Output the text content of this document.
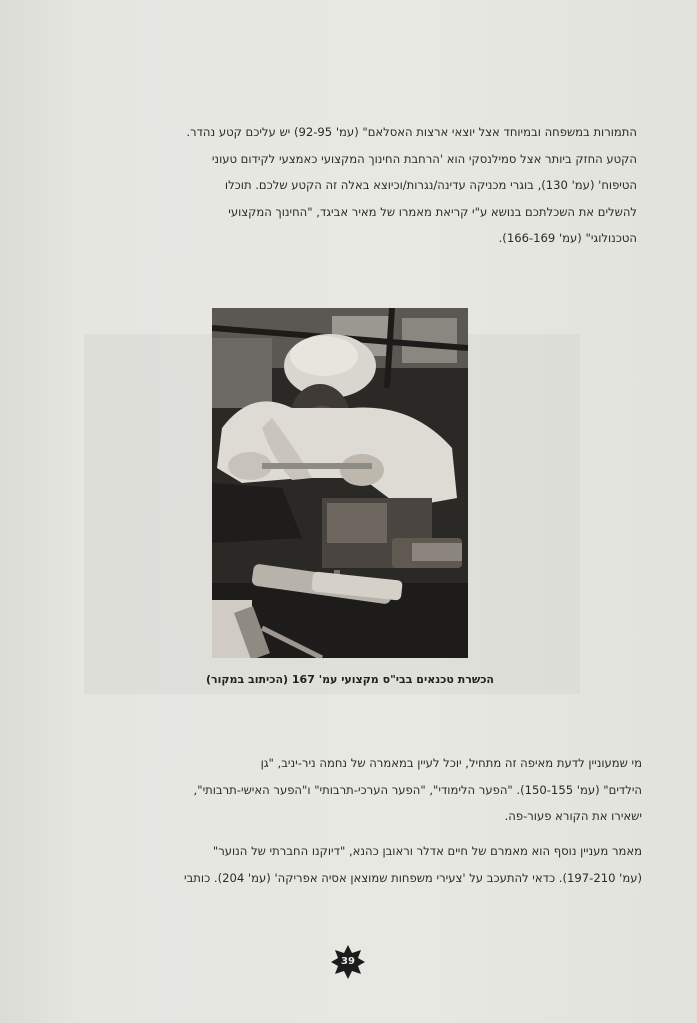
התמורות במשפחה ובמיוחד אצל יוצאי ארצות האסלאם" (עמ' 92-95) יש עליכם קטע נהדר.
הקטע החזק ביותר אצל סמילנסקי הוא 'הרחבת החינוך המקצועי כאמצעי לקידום טעוני
הטיפוח' (עמ' 130), בוגרי מכניקה עדינה/נגרות/וכיוצא באלה זה הקטע שלכם. תוכלו
להשלים את השכלתכם בנושא ע"י קריאת מאמרו של מאיר אביגד, "החינוך המקצועי
הטכנולוגי" (עמ' 166-169).
הכשרת טכנאים בבי"ס מקצועי עמ' 167 (הכיתוב במקור)
מי שמעוניין לדעת מאיפה זה מתחיל, יוכל לעיין במאמרה של נחמה ניר-יניב, "גן
הילדים" (עמ' 150-155). "הפער הלימודי", "הפער הערכי-תרבותי" ו"הפער האישי-תרבותי",
ישאירו את הקורא פעור-פה.
מאמר מעניין נוסף הוא מאמרם של חיים אדלר וראובן כהנא, "דיוקנו החברתי של הנוער"
(עמ' 197-210). כדאי להתעכב על 'צעירי משפחות שמוצאן אסיה אפריקה' (עמ' 204). כותבי
39
